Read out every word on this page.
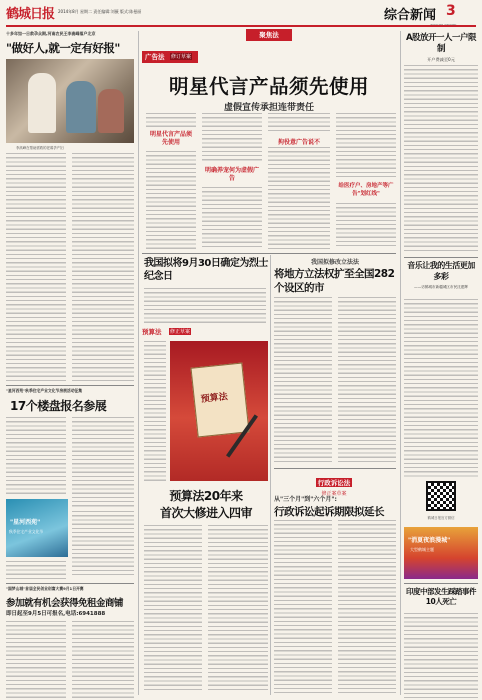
鹤城日报 2014年8月 星期二 责任编辑:刘薇 版式:陈曼丽	综合新闻 3
十多年如一日救孕众期,河南农民王李高峰落户北京
"做好人,就一定有好报"
李高峰在帮助需救的老弱孕产妇
"星河西苑"秋季住宅产业文化节房展活动征集
17个楼盘报名参展
"星河西苑"
秋季住宅产业文化节
"国梦山城"首届全民创业创富大赛9月1日开赛
参加就有机会获得免租金商铺
即日起至9月5日可报名,电话:6941888
聚焦法
广告法 修订草案
明星代言产品须先使用
虚假宣传承担连带责任
明星代言产品须先使用
明确养宠何为虚假广告
拘役意广告说不
给医疗户、房地产等广告"划红线"
我国拟将9月30日确定为烈士纪念日
预算法 修正草案
预算法
预算法20年来
首次大修进入四审
我国拟修改立法法
将地方立法权扩至全国282个设区的市
行政诉讼法
修正案草案
从"三个月"到"六个月":
行政诉讼起诉期限拟延长
A股放开一人一户限制
开户费减至0元
音乐让我的生活更加多彩
——访鹤城市新疆城区市民沈建辉
鹤城日报官方微信
"消夏夜浪漫城"
大型鹤城主题
印度中部发生踩踏事件10人死亡
